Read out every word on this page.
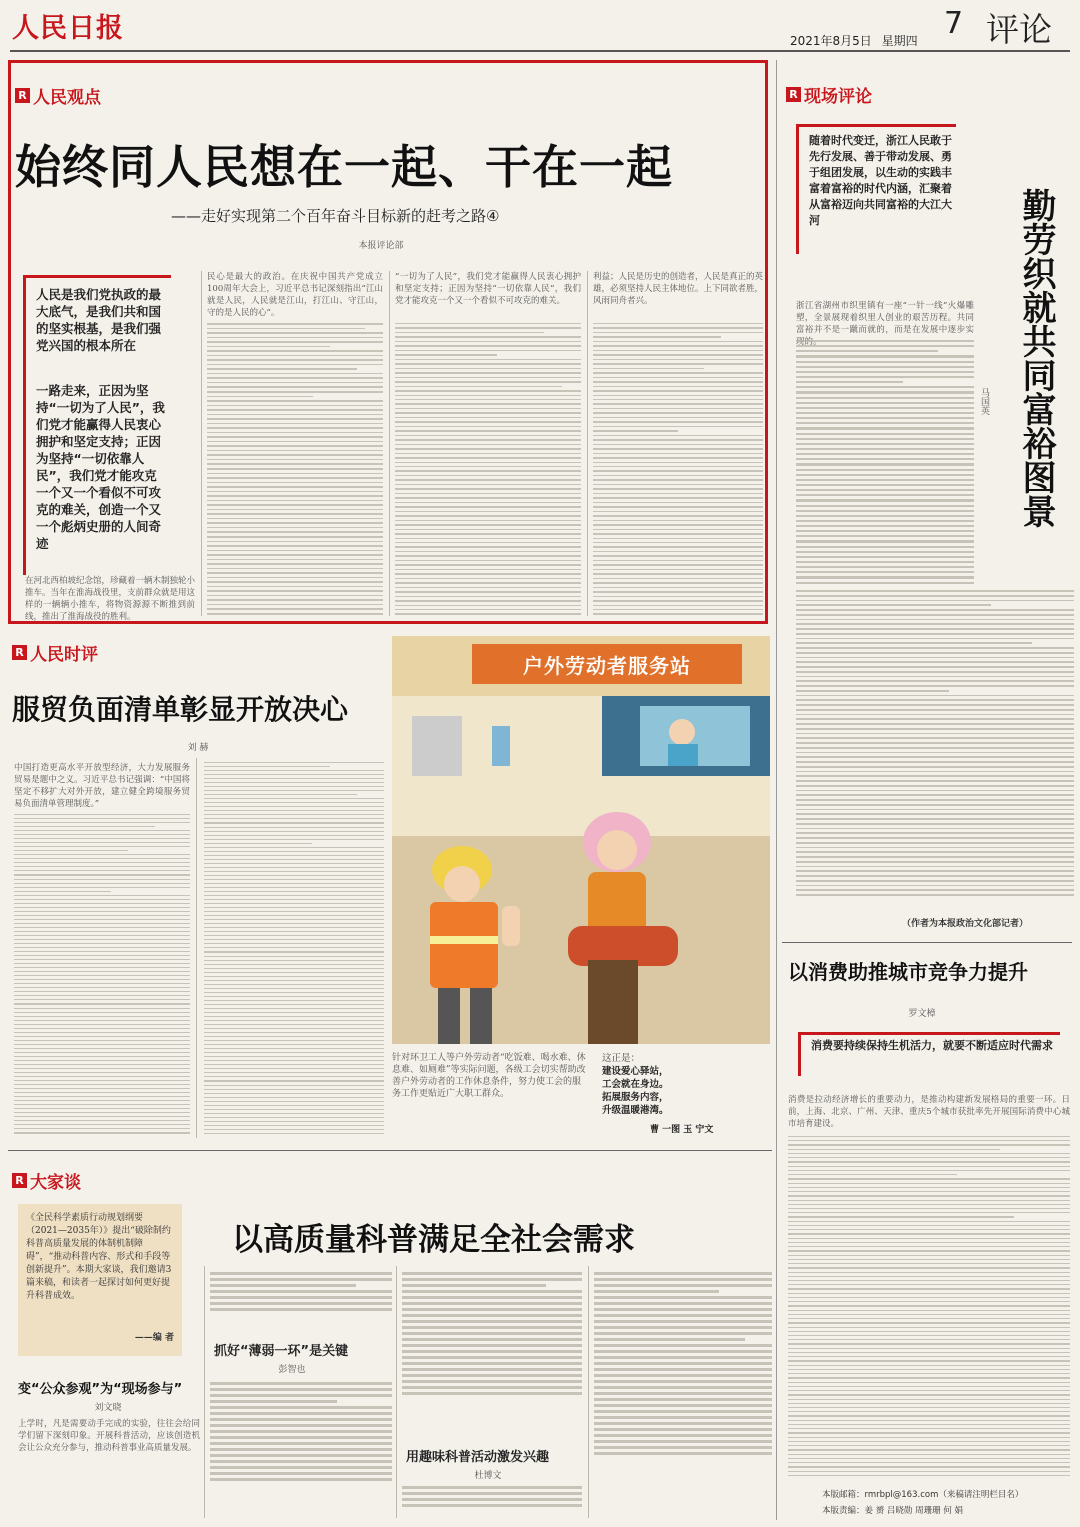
人民日报	2021年8月5日 星期四 7 评论
R 人民观点
始终同人民想在一起、干在一起
——走好实现第二个百年奋斗目标新的赶考之路④
本报评论部
人民是我们党执政的最大底气，是我们共和国的坚实根基，是我们强党兴国的根本所在
一路走来，正因为坚持“一切为了人民”，我们党才能赢得人民衷心拥护和坚定支持；正因为坚持“一切依靠人民”，我们党才能攻克一个又一个看似不可攻克的难关，创造一个又一个彪炳史册的人间奇迹
在河北西柏坡纪念馆，珍藏着一辆木制独轮小推车。当年在淮海战役里，支前群众就是用这样的一辆辆小推车，将物资源源不断推到前线，推出了淮海战役的胜利。
民心是最大的政治。在庆祝中国共产党成立100周年大会上，习近平总书记深刻指出“江山就是人民，人民就是江山，打江山、守江山，守的是人民的心”。
“一切为了人民”，我们党才能赢得人民衷心拥护和坚定支持；正因为坚持“一切依靠人民”，我们党才能攻克一个又一个看似不可攻克的难关。
利益；人民是历史的创造者，人民是真正的英雄，必须坚持人民主体地位。上下同欲者胜，风雨同舟者兴。
R 现场评论
随着时代变迁，浙江人民敢于先行发展、善于带动发展、勇于组团发展，以生动的实践丰富着富裕的时代内涵，汇聚着从富裕迈向共同富裕的大江大河	勤劳织就共同富裕图景
马国英
浙江省湖州市织里镇有一座“一针一线”火爆雕塑，全景展现着织里人创业的艰苦历程。共同富裕并不是一蹴而就的，而是在发展中逐步实
（作者为本报政治文化部记者）
以消费助推城市竞争力提升
罗文樟
消费要持续保持生机活力，就要不断适应时代需求
消费是拉动经济增长的重要动力，是推动构建新发展格局的重要一环。日前，上海、北京、广州、天津、重庆5个城市获批率先开展国际消费中心城市培育建设。
本版邮箱：rmrbpl@163.com（来稿请注明栏目名）
本版责编：姜 赟 吕晓勋 周珊珊 何 娟
R 人民时评
服贸负面清单彰显开放决心
刘 赫
中国打造更高水平开放型经济，大力发展服务贸易是题中之义。习近平总书记强调：“中国将坚定不移扩大对外开放，建立健全跨境服务贸易负面清单管理制度。”
户外劳动者服务站
针对环卫工人等户外劳动者“吃饭难、喝水难、休息难、如厕难”等实际问题，各级工会切实帮助改善户外劳动者的工作休息条件，努力使工会的服务工作更贴近广大职工群众。
这正是：
建设爱心驿站，
工会就在身边。
拓展服务内容，
升级温暖港湾。
曹 一图 玉 宁文
R 大家谈
《全民科学素质行动规划纲要（2021—2035年）》提出“破除制约科普高质量发展的体制机制障碍”，“推动科普内容、形式和手段等创新提升”。本期大家谈，我们邀请3篇来稿，和读者一起探讨如何更好提升科普成效。
——编 者
以高质量科普满足全社会需求
变“公众参观”为“现场参与”
刘文晓
上学时，凡是需要动手完成的实验，往往会给同学们留下深刻印象。开展科普活动，应该创造机会让公众充分参与，推动科普事业高质量发展。
抓好“薄弱一环”是关键
彭智也
用趣味科普活动激发兴趣
杜博文
